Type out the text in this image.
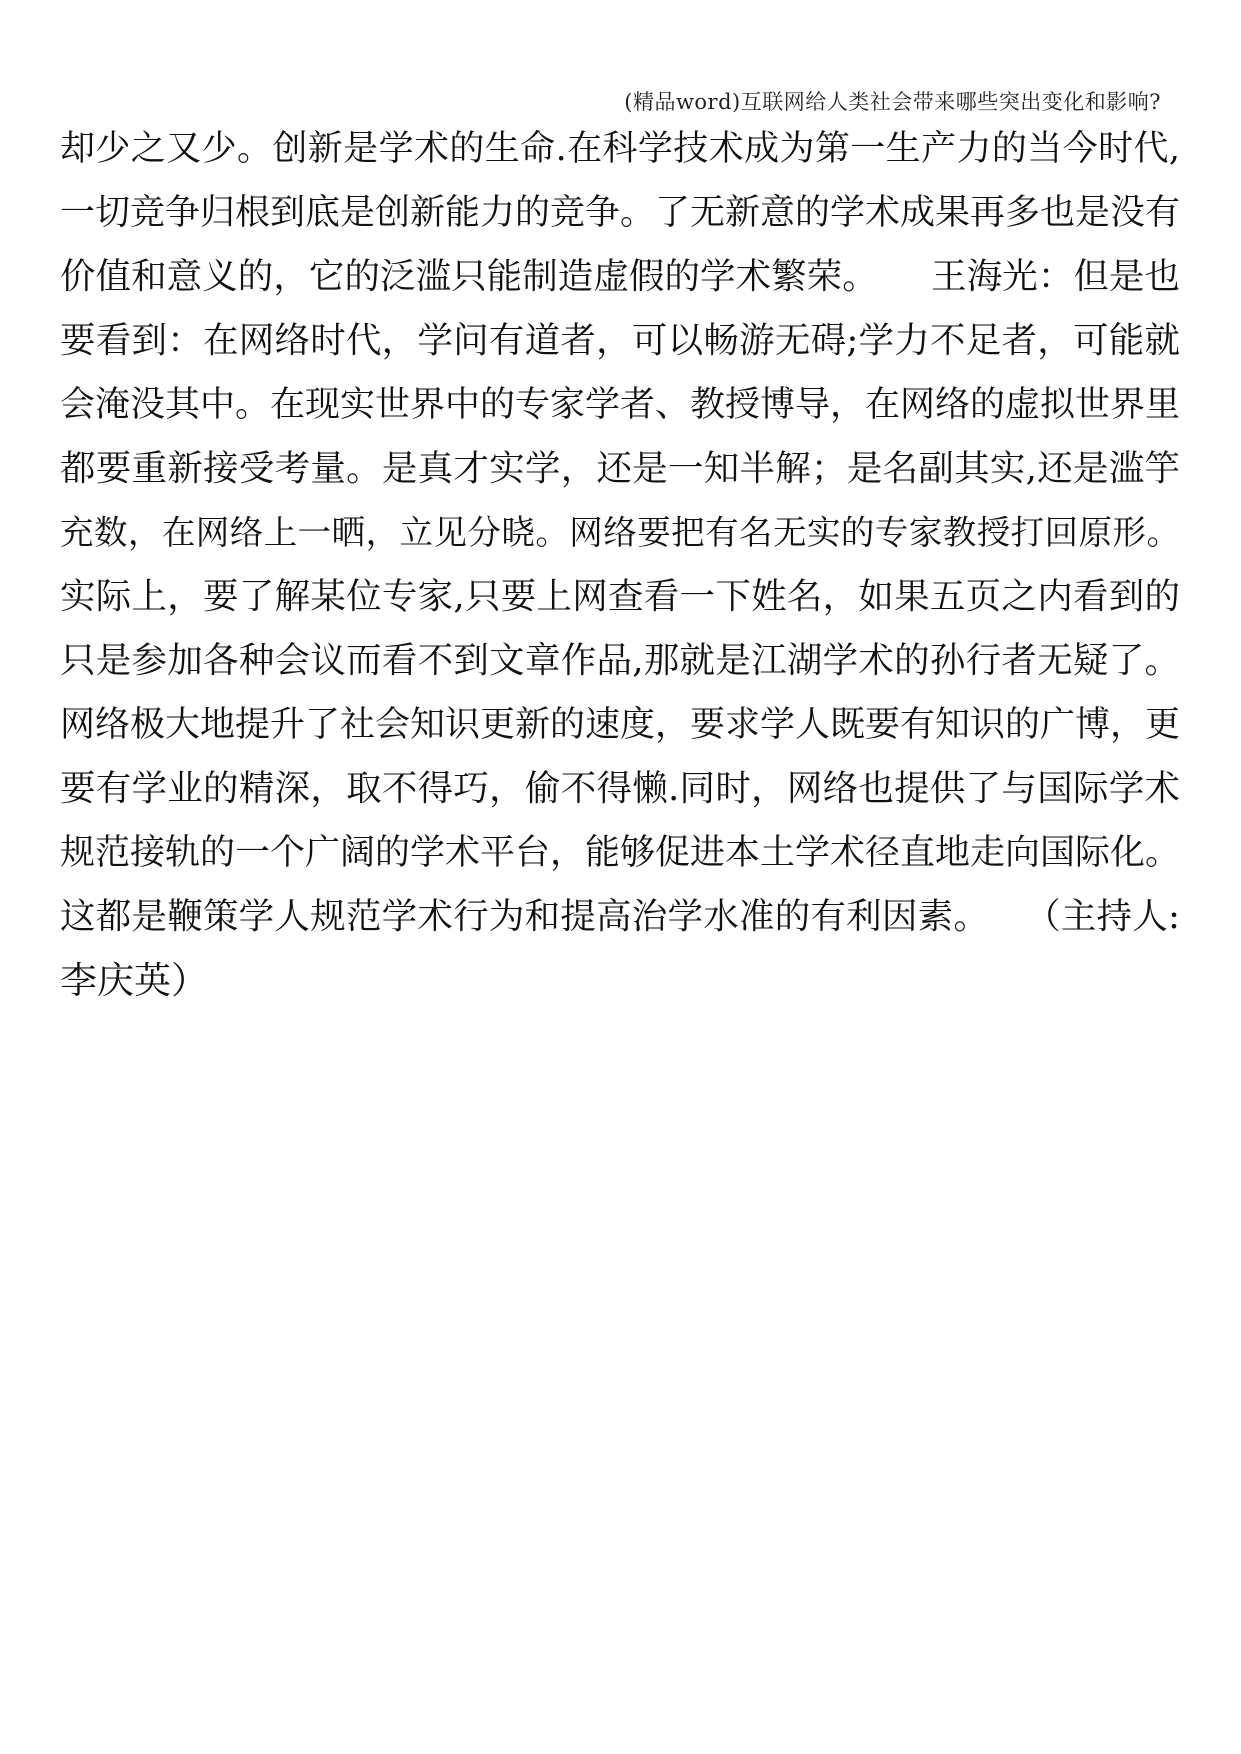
(精品word)互联网给人类社会带来哪些突出变化和影响?
却少之又少。创新是学术的生命.在科学技术成为第一生产力的当今时代,
一切竞争归根到底是创新能力的竞争。了无新意的学术成果再多也是没有
价值和意义的，它的泛滥只能制造虚假的学术繁荣。　　王海光：但是也
要看到：在网络时代，学问有道者，可以畅游无碍;学力不足者，可能就
会淹没其中。在现实世界中的专家学者、教授博导，在网络的虚拟世界里
都要重新接受考量。是真才实学，还是一知半解；是名副其实,还是滥竽
充数，在网络上一晒，立见分晓。网络要把有名无实的专家教授打回原形。
实际上，要了解某位专家,只要上网查看一下姓名，如果五页之内看到的
只是参加各种会议而看不到文章作品,那就是江湖学术的孙行者无疑了。
网络极大地提升了社会知识更新的速度，要求学人既要有知识的广博，更
要有学业的精深，取不得巧，偷不得懒.同时，网络也提供了与国际学术
规范接轨的一个广阔的学术平台，能够促进本土学术径直地走向国际化。
这都是鞭策学人规范学术行为和提高治学水准的有利因素。　　（主持人:
李庆英）
